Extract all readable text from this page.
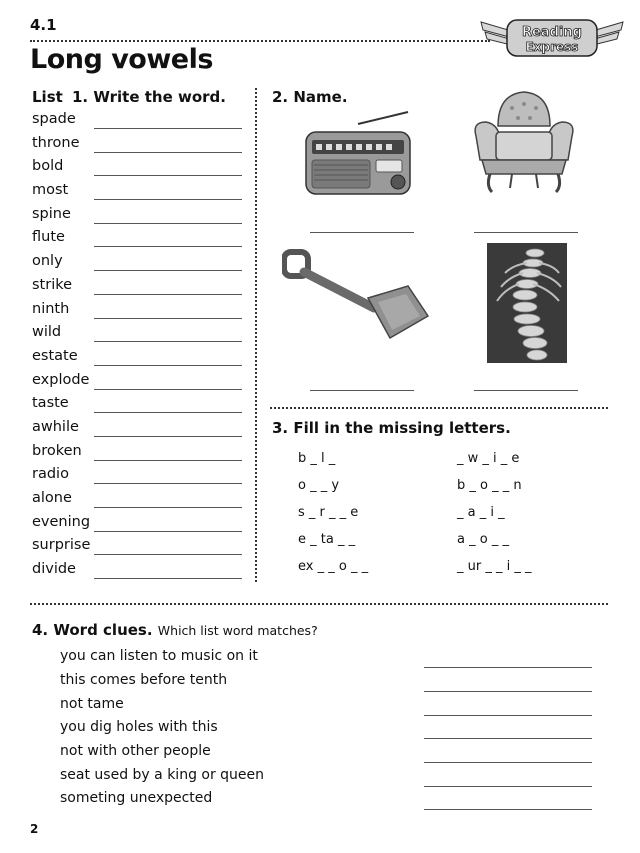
4.1
Long vowels
Reading
Express
List 1. Write the word.
spade
throne
bold
most
spine
flute
only
strike
ninth
wild
estate
explode
taste
awhile
broken
radio
alone
evening
surprise
divide
2. Name.
3. Fill in the missing letters.
b _ l _
o _ _ y
s _ r _ _ e
e _ ta _ _
ex _ _ o _ _
_ w _ i _ e
b _ o _ _ n
_ a _ i _
a _ o _ _
_ ur _ _ i _ _
4. Word clues. Which list word matches?
you can listen to music on it
this comes before tenth
not tame
you dig holes with this
not with other people
seat used by a king or queen
someting unexpected
2
